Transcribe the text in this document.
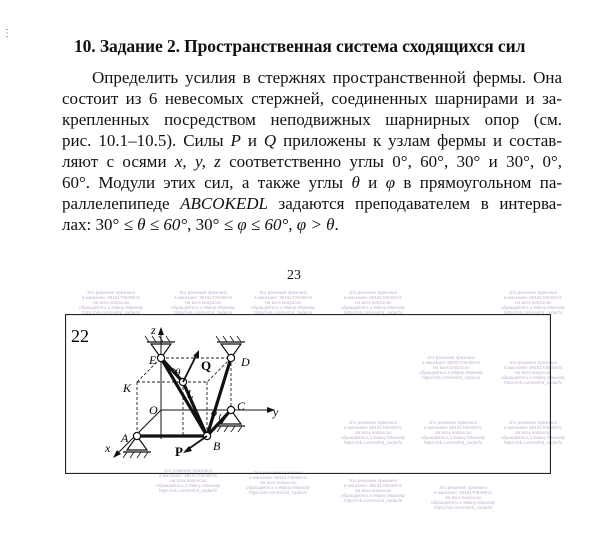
⋮
10. Задание 2. Пространственная система сходящихся сил
Определить усилия в стержнях пространственной фермы. Она
состоит из 6 невесомых стержней, соединенных шарнирами и за-
крепленных посредством неподвижных шарнирных опор (см.
рис. 10.1–10.5). Силы P и Q приложены к узлам фермы и состав-
ляют с осями x, y, z соответственно углы 0°, 60°, 30° и 30°, 0°,
60°. Модули этих сил, а также углы θ и φ в прямоугольном па-
раллелепипеде ABCOKEDL задаются преподавателем в интерва-
лах: 30° ≤ θ ≤ 60°, 30° ≤ φ ≤ 60°, φ > θ.
23
Это решение признано
в магазине: 89151706408-ts
На всех вопросах
обращайтесь к Ивану Иванову
https://vk.com/reshit_zadachi
Это решение признано
в магазине: 89151706408-ts
На всех вопросах
обращайтесь к Ивану Иванову
https://vk.com/reshit_zadachi
Это решение признано
в магазине: 89151706408-ts
На всех вопросах
обращайтесь к Ивану Иванову
https://vk.com/reshit_zadachi
Это решение признано
в магазине: 89151706408-ts
На всех вопросах
обращайтесь к Ивану Иванову
https://vk.com/reshit_zadachi
Это решение признано
в магазине: 89151706408-ts
На всех вопросах
обращайтесь к Ивану Иванову
https://vk.com/reshit_zadachi
Это решение признано
в магазине: 89151706408-ts
На всех вопросах
обращайтесь к Ивану Иванову
https://vk.com/reshit_zadachi
Это решение признано
в магазине: 89151706408-ts
На всех вопросах
обращайтесь к Ивану Иванову
https://vk.com/reshit_zadachi
Это решение признано
в магазине: 89151706408-ts
На всех вопросах
обращайтесь к Ивану Иванову
https://vk.com/reshit_zadachi
Это решение признано
в магазине: 89151706408-ts
На всех вопросах
обращайтесь к Ивану Иванову
https://vk.com/reshit_zadachi
Это решение признано
в магазине: 89151706408-ts
На всех вопросах
обращайтесь к Ивану Иванову
https://vk.com/reshit_zadachi
Это решение признано
в магазине: 89151706408-ts
На всех вопросах
обращайтесь к Ивану Иванову
https://vk.com/reshit_zadachi
Это решение признано
в магазине: 89151706408-ts
На всех вопросах
обращайтесь к Ивану Иванову
https://vk.com/reshit_zadachi
Это решение признано
в магазине: 89151706408-ts
На всех вопросах
обращайтесь к Ивану Иванову
https://vk.com/reshit_zadachi
Это решение признано
в магазине: 89151706408-ts
На всех вопросах
обращайтесь к Ивану Иванову
https://vk.com/reshit_zadachi
22	z
y
x
Q
P
E	D
K
O
L
C
A
B
θ
φ
